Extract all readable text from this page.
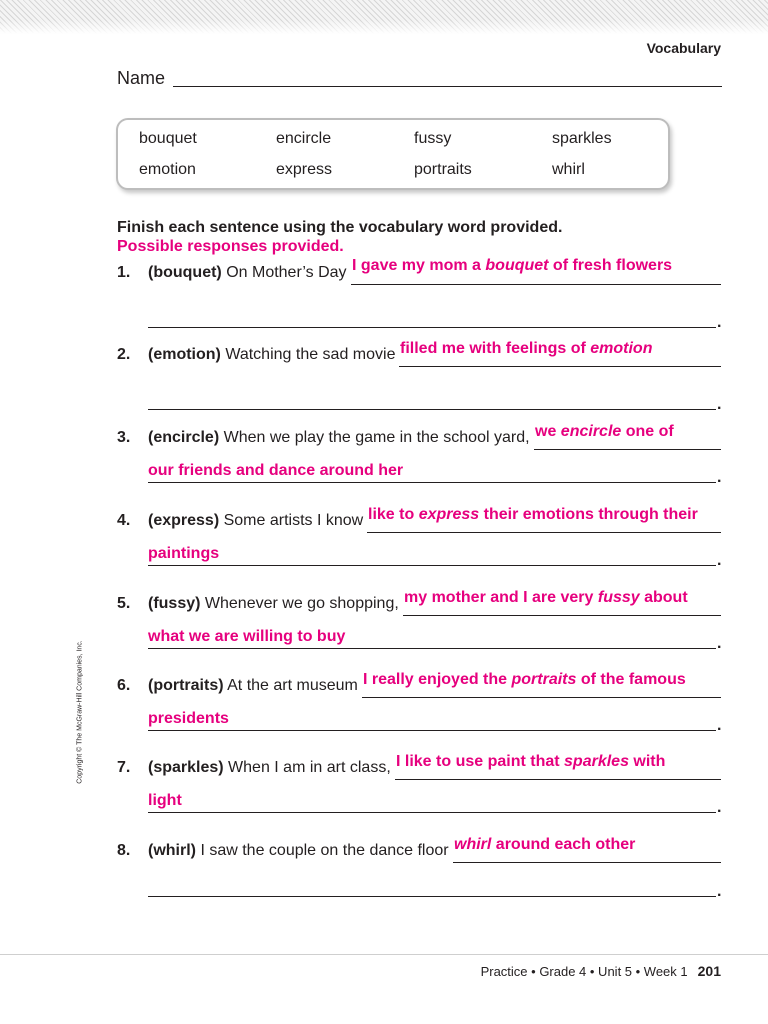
Vocabulary
Name
bouquet	encircle	fussy	sparkles
emotion	express	portraits	whirl
Finish each sentence using the vocabulary word provided.
Possible responses provided.
1. (bouquet) On Mother’s Day I gave my mom a bouquet of fresh flowers
.
2. (emotion) Watching the sad movie filled me with feelings of emotion
.
3. (encircle) When we play the game in the school yard, we encircle one of
our friends and dance around her	.
4. (express) Some artists I know like to express their emotions through their
paintings	.
5. (fussy) Whenever we go shopping, my mother and I are very fussy about
what we are willing to buy	.
6. (portraits) At the art museum I really enjoyed the portraits of the famous
presidents	.
7. (sparkles) When I am in art class, I like to use paint that sparkles with
light	.
8. (whirl) I saw the couple on the dance floor whirl around each other
.
Copyright © The McGraw-Hill Companies, Inc.
Practice • Grade 4 • Unit 5 • Week 1 201
